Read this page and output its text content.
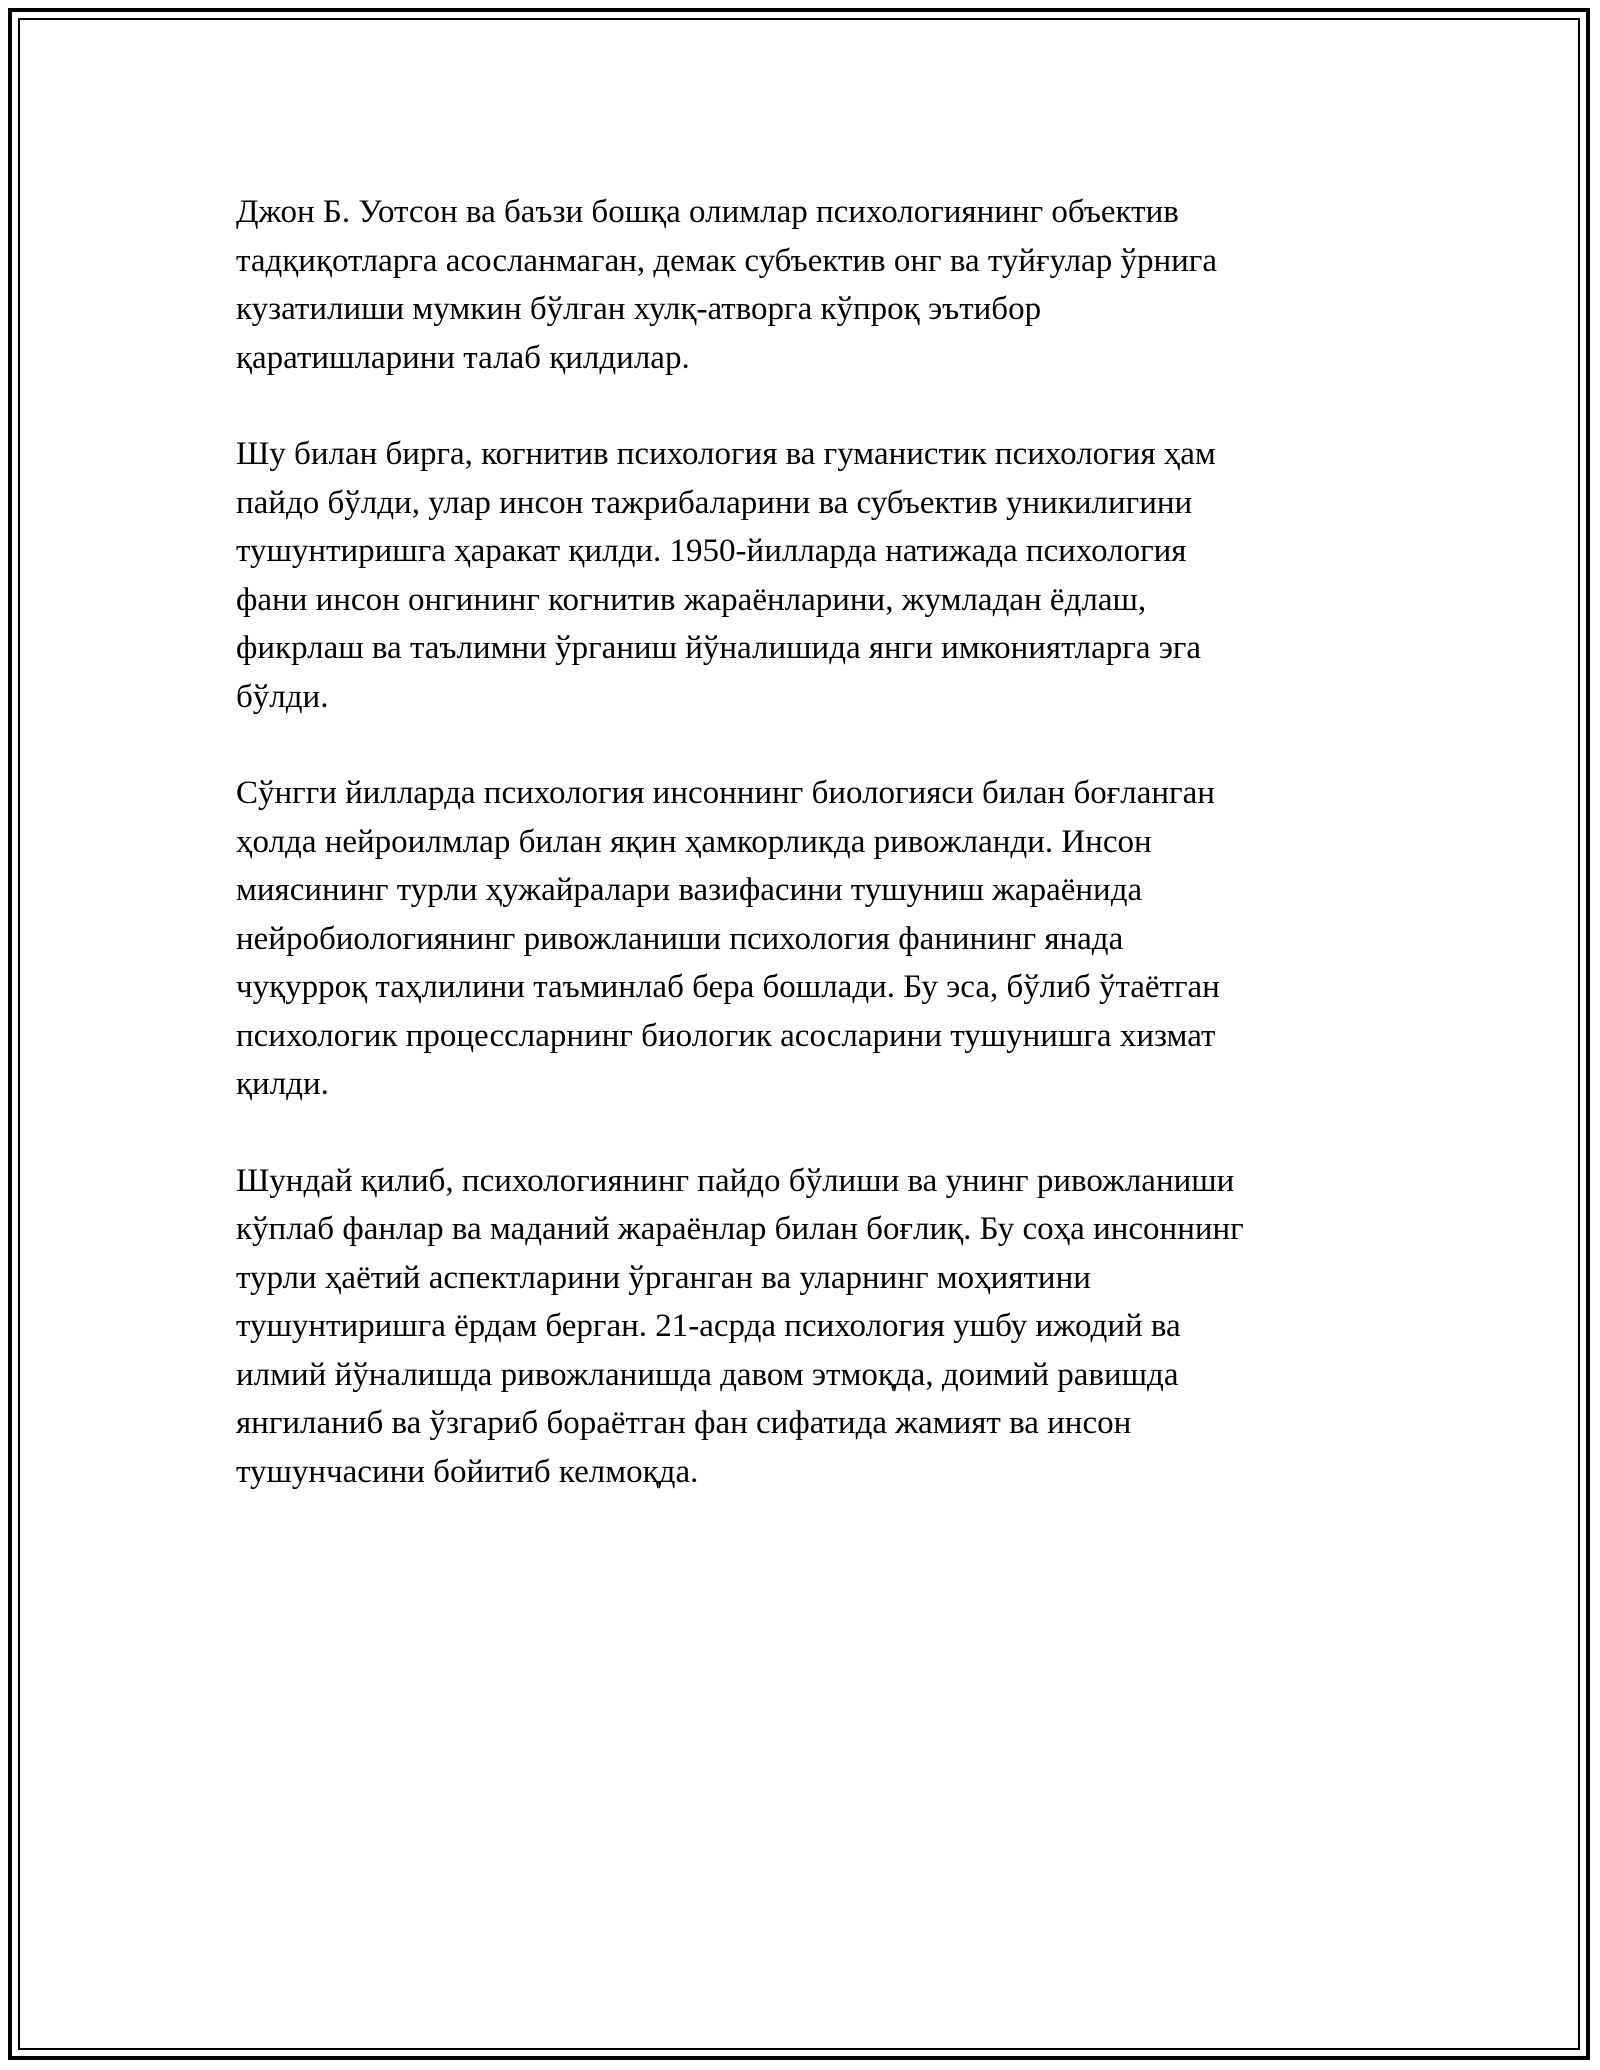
Джон Б. Уотсон ва баъзи бошқа олимлар психологиянинг объектив
тадқиқотларга асосланмаган, демак субъектив онг ва туйғулар ўрнига
кузатилиши мумкин бўлган хулқ-атворга кўпроқ эътибор
қаратишларини талаб қилдилар.

Шу билан бирга, когнитив психология ва гуманистик психология ҳам
пайдо бўлди, улар инсон тажрибаларини ва субъектив уникилигини
тушунтиришга ҳаракат қилди. 1950-йилларда натижада психология
фани инсон онгининг когнитив жараёнларини, жумладан ёдлаш,
фикрлаш ва таълимни ўрганиш йўналишида янги имкониятларга эга
бўлди.

Сўнгги йилларда психология инсоннинг биологияси билан боғланган
ҳолда нейроилмлар билан яқин ҳамкорликда ривожланди. Инсон
миясининг турли ҳужайралари вазифасини тушуниш жараёнида
нейробиологиянинг ривожланиши психология фанининг янада
чуқурроқ таҳлилини таъминлаб бера бошлади. Бу эса, бўлиб ўтаётган
психологик процессларнинг биологик асосларини тушунишга хизмат
қилди.

Шундай қилиб, психологиянинг пайдо бўлиши ва унинг ривожланиши
кўплаб фанлар ва маданий жараёнлар билан боғлиқ. Бу соҳа инсоннинг
турли ҳаётий аспектларини ўрганган ва уларнинг моҳиятини
тушунтиришга ёрдам берган. 21-асрда психология ушбу ижодий ва
илмий йўналишда ривожланишда давом этмоқда, доимий равишда
янгиланиб ва ўзгариб бораётган фан сифатида жамият ва инсон
тушунчасини бойитиб келмоқда.
